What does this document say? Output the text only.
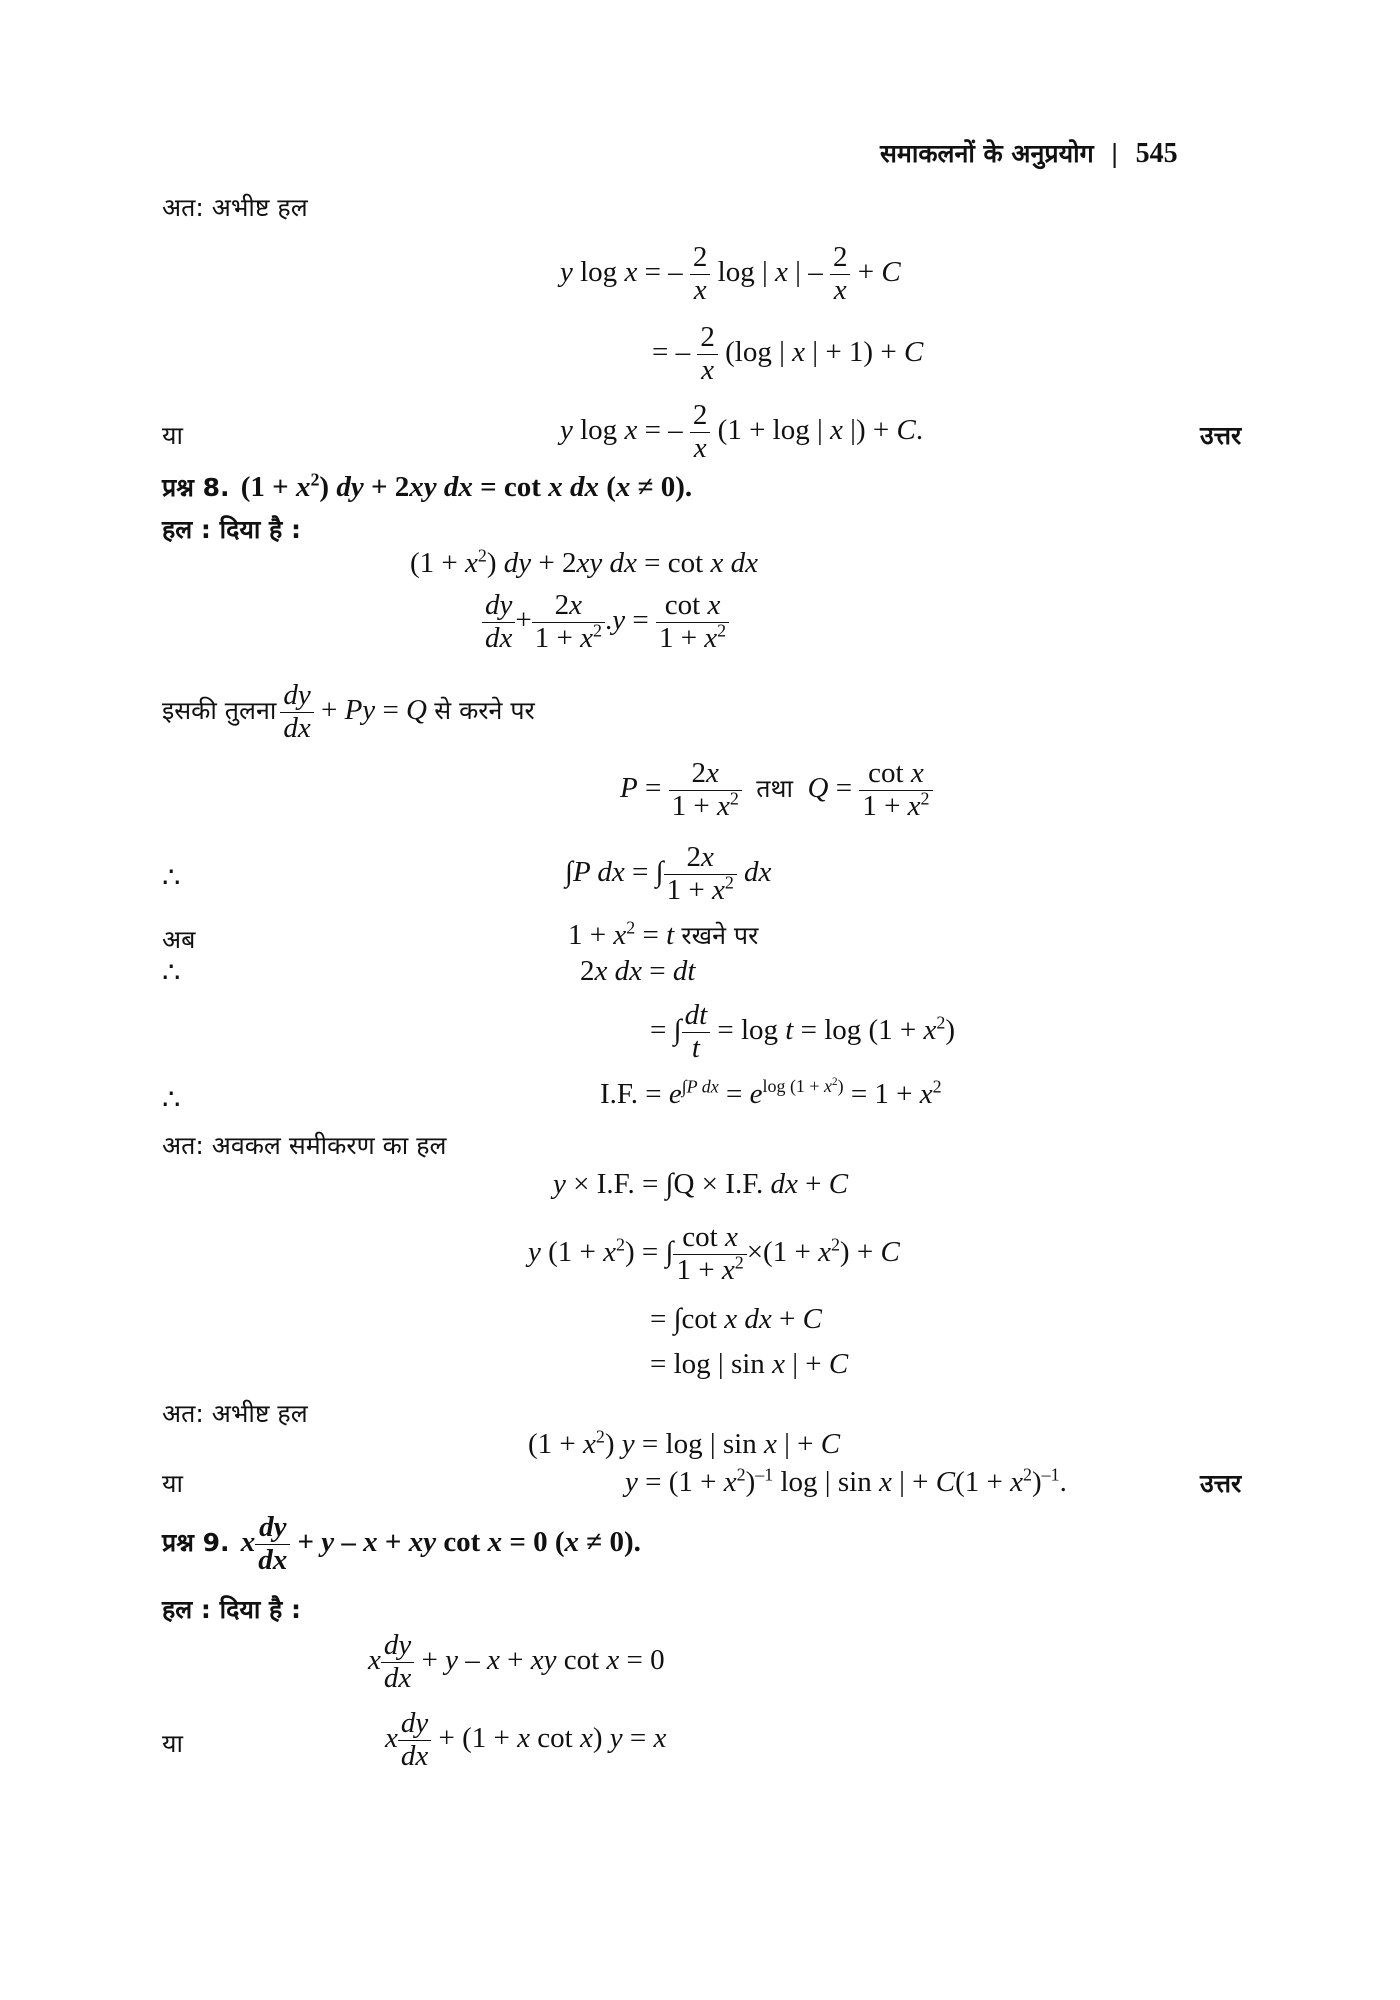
समाकलनों के अनुप्रयोग | 545
अत: अभीष्ट हल
y log x = – $\frac{2}{x}$ log | x | – $\frac{2}{x} + C$
= – $\frac{2}{x} (\log$ | x | + 1) + C
या	y log x = – $\frac{2}{x} (1 + \log$ | x |) + C.	उत्तर
प्रश्न 8.  $(1 + x^2)$ dy + 2xy dx = cot x dx (x ≠ 0).
हल : दिया है :
$(1 + x^2)$ dy + 2xy dx = cot x dx
$\frac{dy}{dx} + \frac{2x}{1 + x^2} .y = \frac{\text{cot x}}{1 + x^2}$
इसकी तुलना $\frac{dy}{dx} + Py = Q$ से करने पर
$P = \frac{2x}{1 + x^2}$ तथा $Q = \frac{\text{cot x}}{1 + x^2}$
∴	∫P dx = ∫ $\frac{2x}{1 + x^2}$ dx
अब	$1 + x^2 = t$ रखने पर
∴	2x dx = dt
= ∫ $\frac{dt}{t} = \log t = \log (1 + x^2)$
∴	I.F. = $e^{\int P dx} = e^{log (1 + x^2)} = 1 + x^2$
अत: अवकल समीकरण का हल
y × I.F. = ∫Q × I.F. dx + C
y $(1 + x^2)$ = ∫ $\frac{\text{cot x}}{1 + x^2} \times(1 + x^2) + C$
= ∫cot x dx + C
= log | sin x | + C
अत: अभीष्ट हल
$(1 + x^2)$ y = log | sin x | + C
या	$y = (1 + x^2)^{-1}$ log | sin x | + $C(1 + x^2)^{-1}$.	उत्तर
प्रश्न 9. x $\frac{dy}{dx} + y - x$ + xy cot x = 0 (x ≠ 0).
हल : दिया है :
x $\frac{dy}{dx} + y - x$ + xy cot x = 0
या	x $\frac{dy}{dx} + (1 + x$ cot x) y = x
